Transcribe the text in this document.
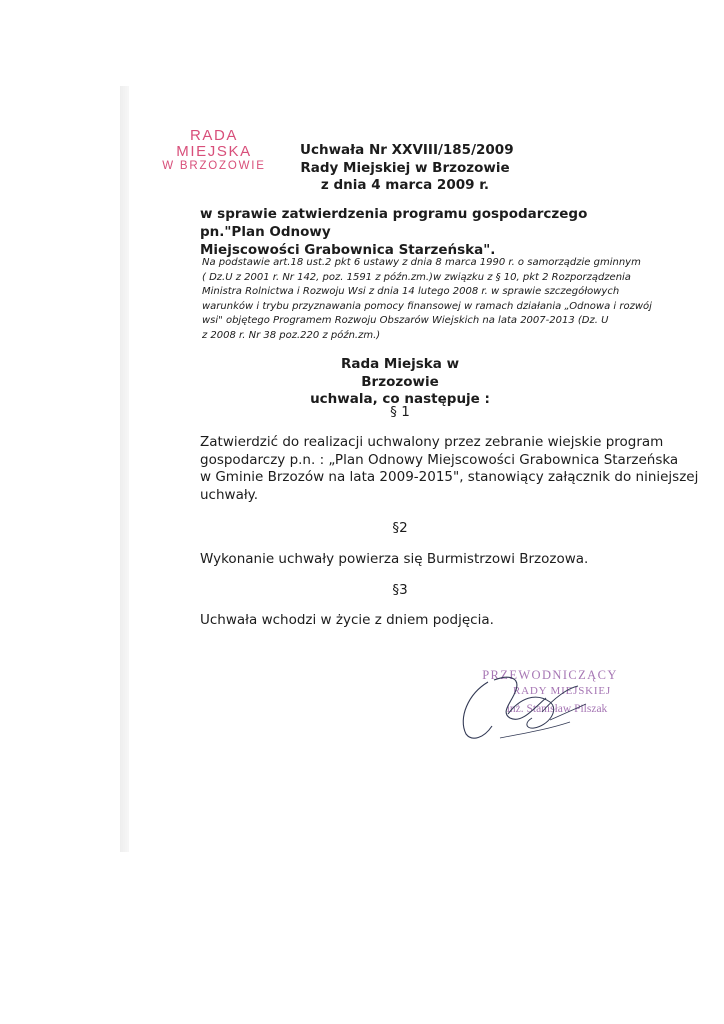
RADA MIEJSKA
W BRZOZOWIE
Uchwała Nr XXVIII/185/2009
Rady Miejskiej w Brzozowie
z dnia 4 marca 2009 r.
w sprawie zatwierdzenia programu gospodarczego pn."Plan Odnowy
Miejscowości Grabownica Starzeńska".
Na podstawie art.18 ust.2 pkt 6 ustawy z dnia 8 marca 1990 r. o samorządzie gminnym
( Dz.U z 2001 r. Nr 142, poz. 1591 z późn.zm.)w związku z § 10, pkt 2 Rozporządzenia
Ministra Rolnictwa i Rozwoju Wsi z dnia 14 lutego 2008 r. w sprawie szczegółowych
warunków i trybu przyznawania pomocy finansowej w ramach działania „Odnowa i rozwój
wsi" objętego Programem Rozwoju Obszarów Wiejskich na lata 2007-2013 (Dz. U
z 2008 r. Nr 38 poz.220 z późn.zm.)
Rada Miejska w Brzozowie
uchwala, co następuje :
§ 1
Zatwierdzić do realizacji uchwalony przez zebranie wiejskie program
gospodarczy p.n. : „Plan Odnowy Miejscowości Grabownica Starzeńska
w Gminie Brzozów na lata 2009-2015", stanowiący załącznik do niniejszej
uchwały.
§2
Wykonanie uchwały powierza się Burmistrzowi Brzozowa.
§3
Uchwała wchodzi w życie z dniem podjęcia.
PRZEWODNICZĄCY
RADY MIEJSKIEJ
inż. Stanisław Pilszak
